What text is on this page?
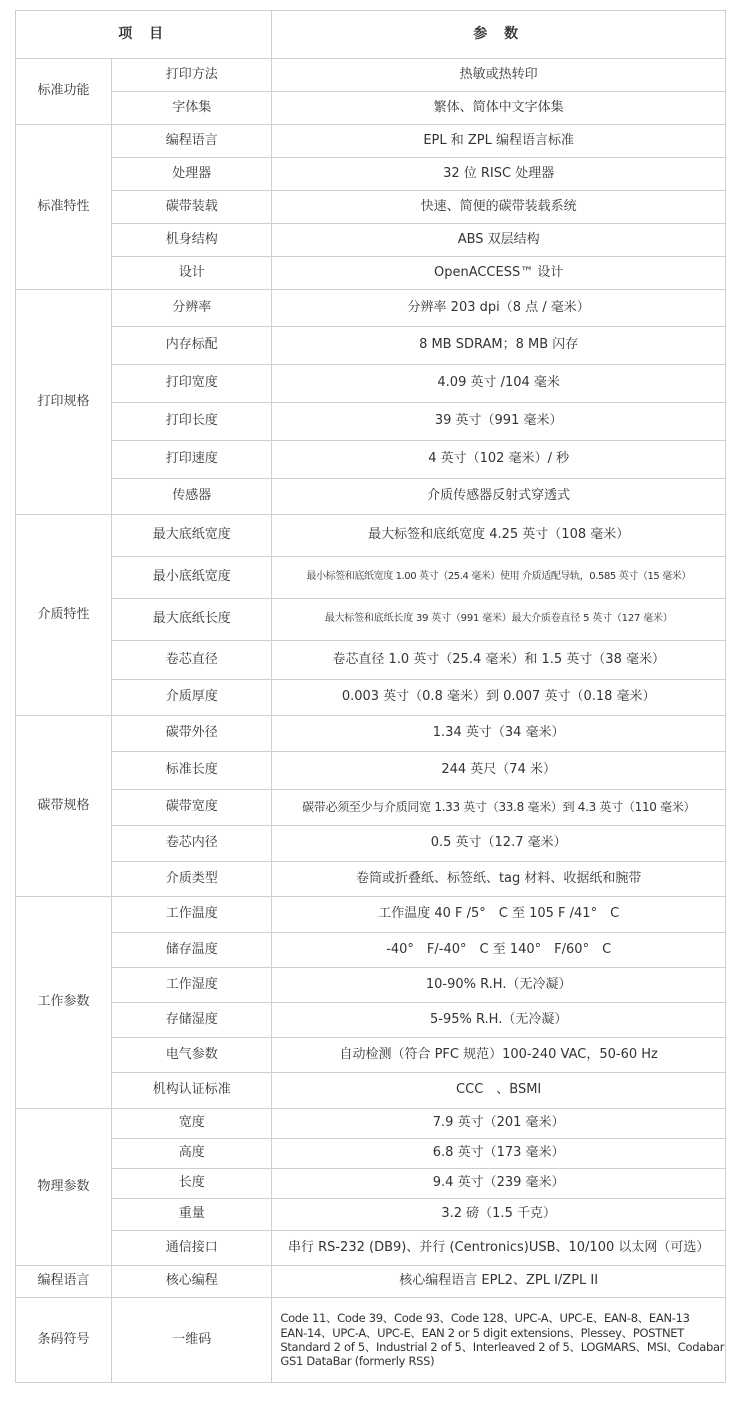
项 目		参 数
标准功能	打印方法	热敏或热转印
	字体集	繁体、简体中文字体集
标准特性	编程语言	EPL 和 ZPL 编程语言标准
	处理器	32 位 RISC 处理器
	碳带装载	快速、简便的碳带装载系统
	机身结构	ABS 双层结构
	设计	OpenACCESS™ 设计
打印规格	分辨率	分辨率 203 dpi（8 点 / 毫米）
	内存标配	8 MB SDRAM；8 MB 闪存
	打印宽度	4.09 英寸 /104 毫米
	打印长度	39 英寸（991 毫米）
	打印速度	4 英寸（102 毫米）/ 秒
	传感器	介质传感器反射式穿透式
介质特性	最大底纸宽度	最大标签和底纸宽度 4.25 英寸（108 毫米）
	最小底纸宽度	最小标签和底纸宽度 1.00 英寸（25.4 毫米）使用 介质适配导轨，0.585 英寸（15 毫米）
	最大底纸长度	最大标签和底纸长度 39 英寸（991 毫米）最大介质卷直径 5 英寸（127 毫米）
	卷芯直径	卷芯直径 1.0 英寸（25.4 毫米）和 1.5 英寸（38 毫米）
	介质厚度	0.003 英寸（0.8 毫米）到 0.007 英寸（0.18 毫米）
碳带规格	碳带外径	1.34 英寸（34 毫米）
	标准长度	244 英尺（74 米）
	碳带宽度	碳带必须至少与介质同宽 1.33 英寸（33.8 毫米）到 4.3 英寸（110 毫米）
	卷芯内径	0.5 英寸（12.7 毫米）
	介质类型	卷筒或折叠纸、标签纸、tag 材料、收据纸和腕带
工作参数	工作温度	工作温度 40 F /5°　C 至 105 F /41°　C
	储存温度	-40°　F/-40°　C 至 140°　F/60°　C
	工作湿度	10-90% R.H.（无冷凝）
	存储湿度	5-95% R.H.（无冷凝）
	电气参数	自动检测（符合 PFC 规范）100-240 VAC，50-60 Hz
	机构认证标准	CCC　、BSMI
物理参数	宽度	7.9 英寸（201 毫米）
	高度	6.8 英寸（173 毫米）
	长度	9.4 英寸（239 毫米）
	重量	3.2 磅（1.5 千克）
	通信接口	串行 RS-232 (DB9)、并行 (Centronics)USB、10/100 以太网（可选）
编程语言	核心编程	核心编程语言 EPL2、ZPL I/ZPL II
条码符号	一维码	Code 11、Code 39、Code 93、Code 128、UPC-A、UPC-E、EAN-8、EAN-13
EAN-14、UPC-A、UPC-E、EAN 2 or 5 digit extensions、Plessey、POSTNET
Standard 2 of 5、Industrial 2 of 5、Interleaved 2 of 5、LOGMARS、MSI、Codabar
GS1 DataBar (formerly RSS)
